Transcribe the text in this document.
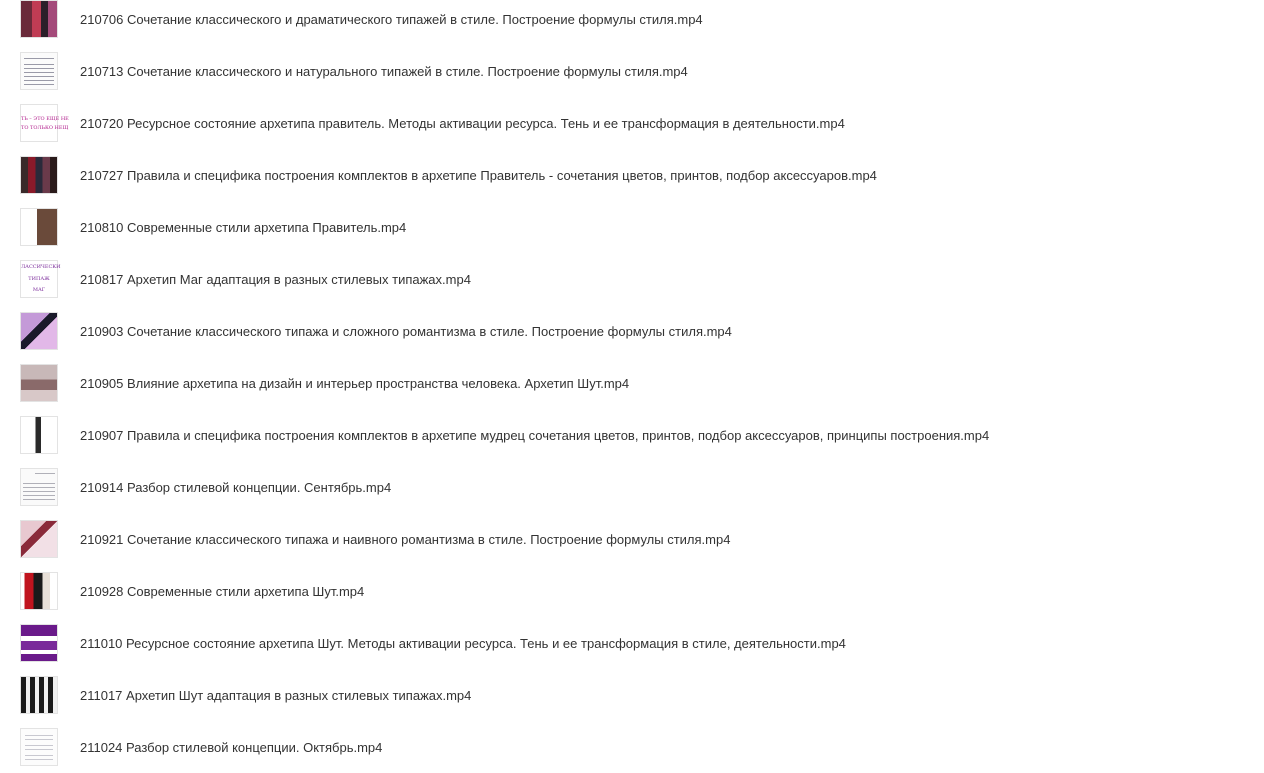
210706 Сочетание классического и драматического типажей в стиле. Построение формулы стиля.mp4
210713 Сочетание классического и натурального типажей в стиле. Построение формулы стиля.mp4
ТЬ – ЭТО ЕЩЕ НЕ
ТО ТОЛЬКО НЕЩ 210720 Ресурсное состояние архетипа правитель. Методы активации ресурса. Тень и ее трансформация в деятельности.mp4
210727 Правила и специфика построения комплектов в архетипе Правитель - сочетания цветов, принтов, подбор аксессуаров.mp4
210810 Современные стили архетипа Правитель.mp4
ЛАССИЧЕСКИ
ТИПАЖ
МАГ
210817 Архетип Маг адаптация в разных стилевых типажах.mp4
210903 Сочетание классического типажа и сложного романтизма в стиле. Построение формулы стиля.mp4
210905 Влияние архетипа на дизайн и интерьер пространства человека. Архетип Шут.mp4
210907 Правила и специфика построения комплектов в архетипе мудрец сочетания цветов, принтов, подбор аксессуаров, принципы построения.mp4
210914 Разбор стилевой концепции. Сентябрь.mp4
210921 Сочетание классического типажа и наивного романтизма в стиле. Построение формулы стиля.mp4
210928 Современные стили архетипа Шут.mp4
211010 Ресурсное состояние архетипа Шут. Методы активации ресурса. Тень и ее трансформация в стиле, деятельности.mp4
211017 Архетип Шут адаптация в разных стилевых типажах.mp4
211024 Разбор стилевой концепции. Октябрь.mp4
